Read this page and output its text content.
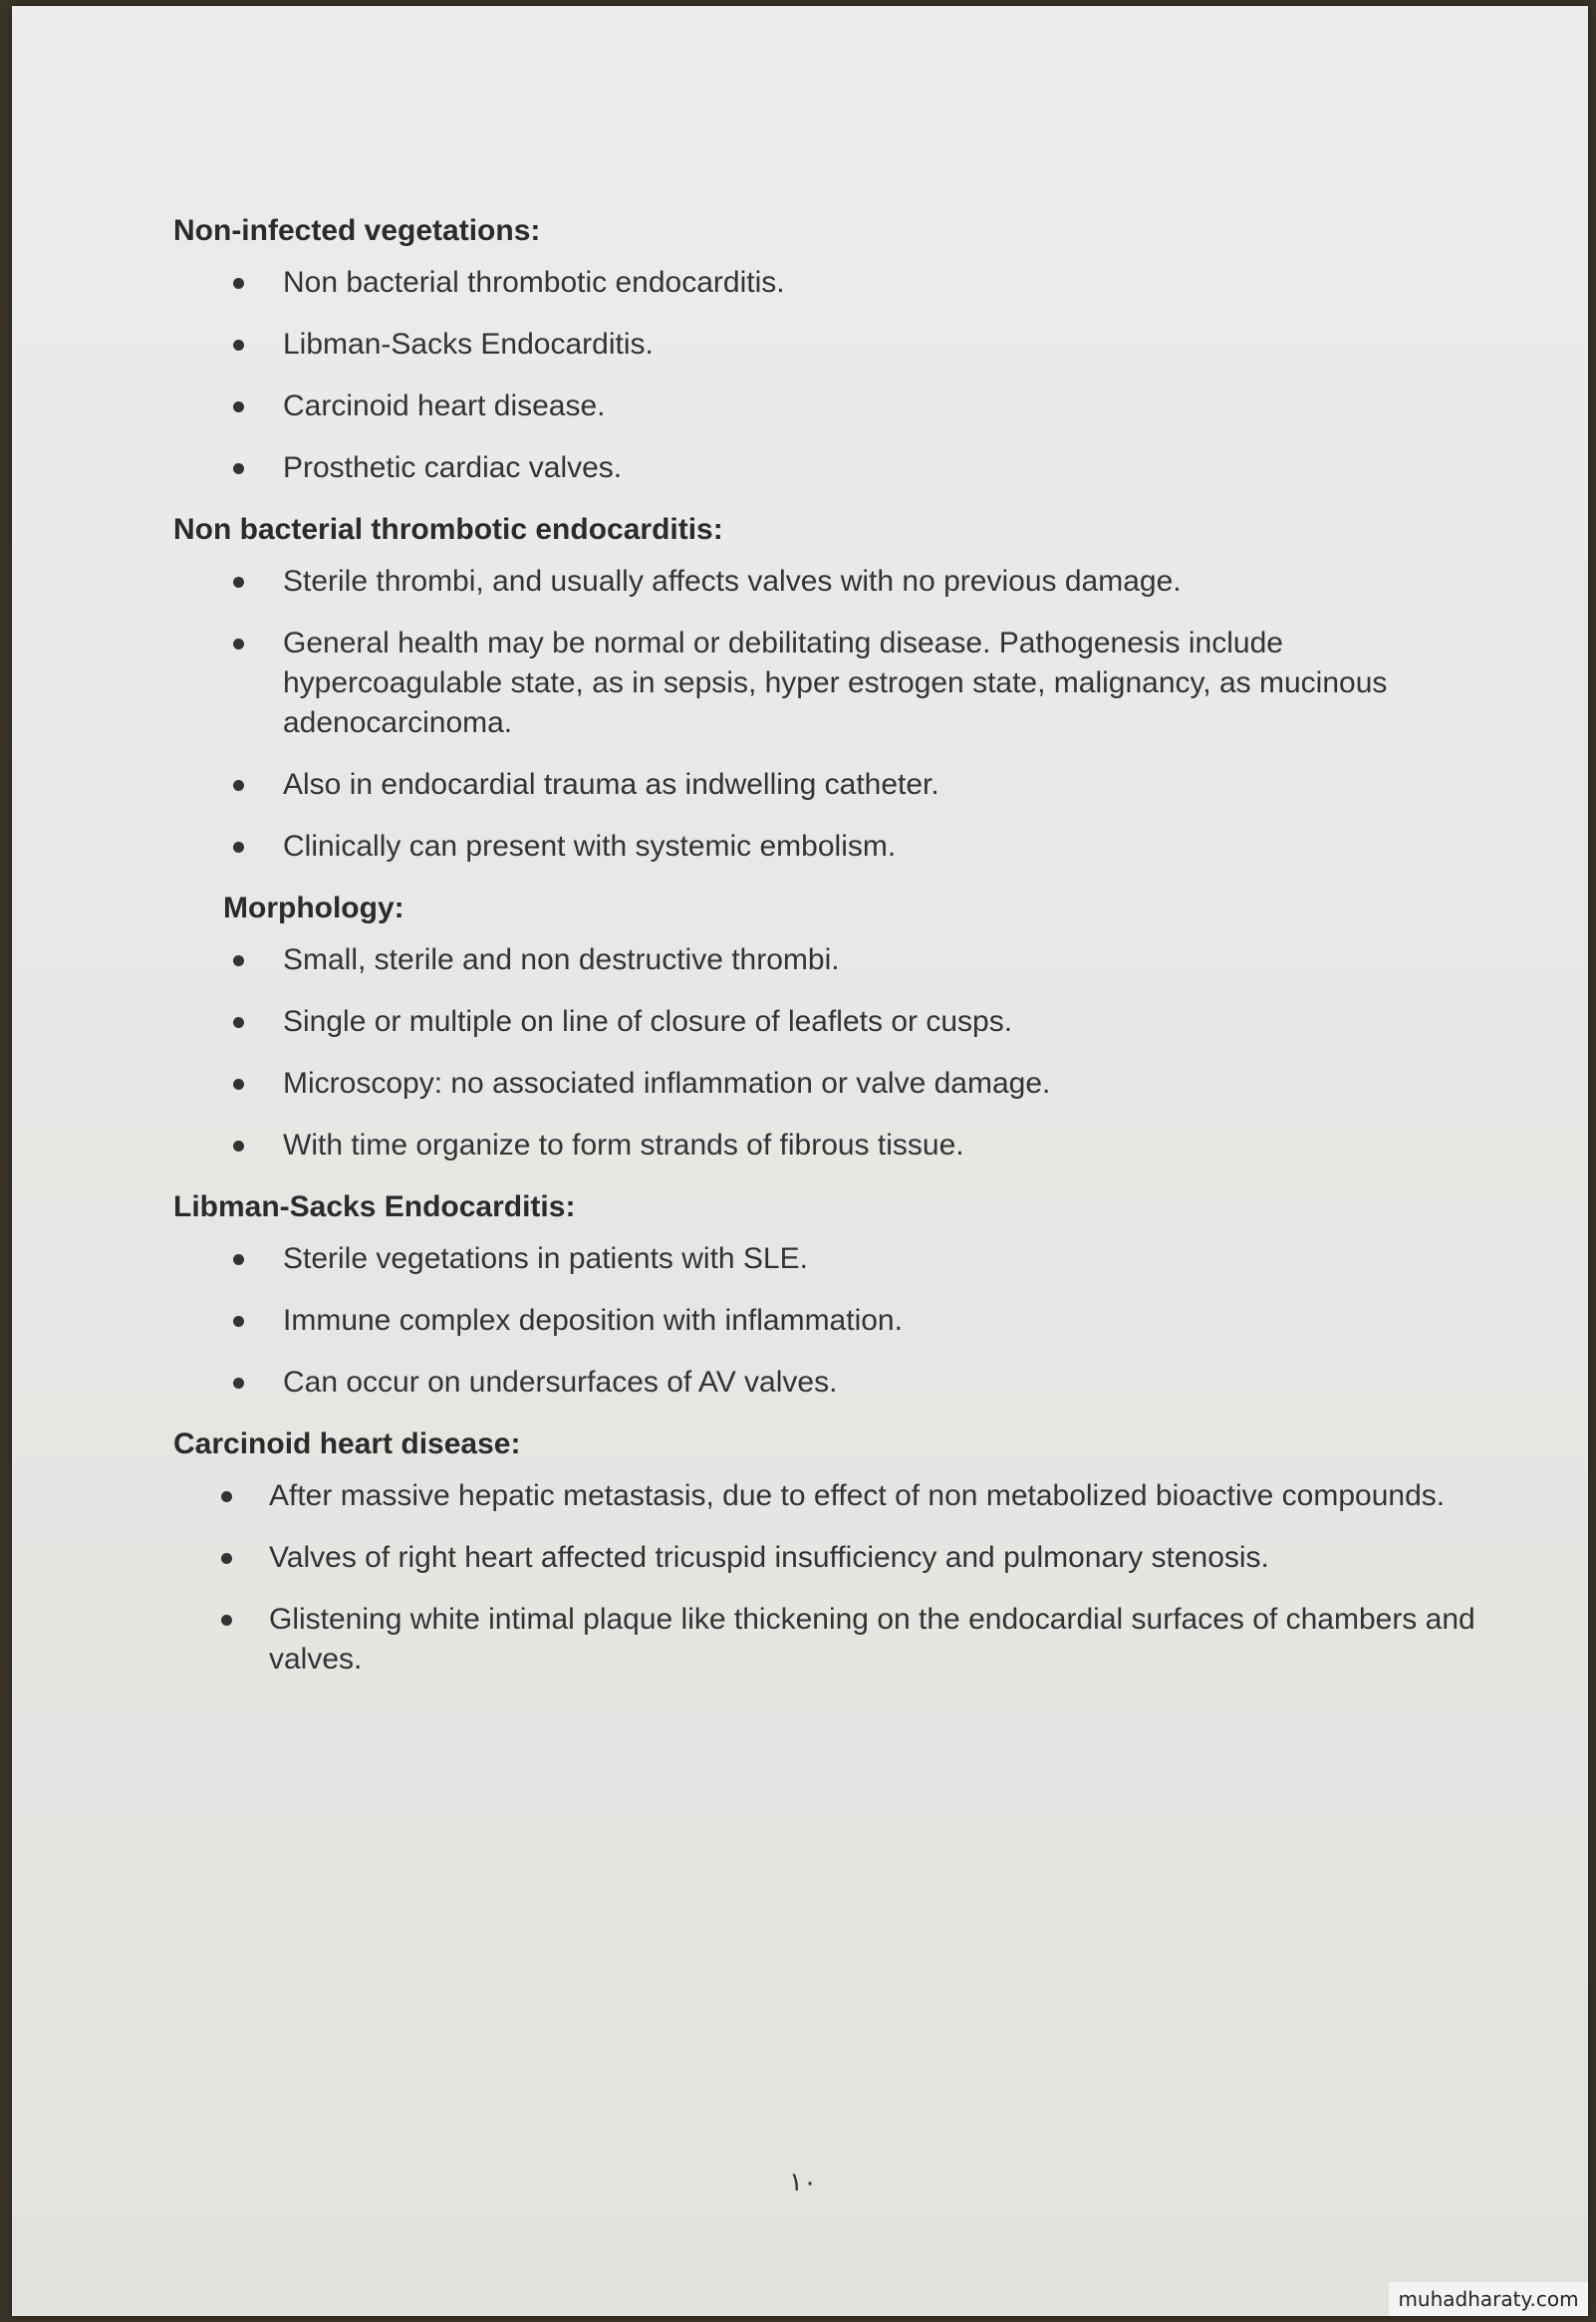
Non-infected vegetations:
Non bacterial thrombotic endocarditis.
Libman-Sacks Endocarditis.
Carcinoid heart disease.
Prosthetic cardiac valves.
Non bacterial thrombotic endocarditis:
Sterile thrombi, and usually affects valves with no previous damage.
General health may be normal or debilitating disease. Pathogenesis include hypercoagulable state, as in sepsis, hyper estrogen state, malignancy, as mucinous adenocarcinoma.
Also in endocardial trauma as indwelling catheter.
Clinically can present with systemic embolism.
Morphology:
Small, sterile and non destructive thrombi.
Single or multiple on line of closure of leaflets or cusps.
Microscopy: no associated inflammation or valve damage.
With time organize to form strands of fibrous tissue.
Libman-Sacks Endocarditis:
Sterile vegetations in patients with SLE.
Immune complex deposition with inflammation.
Can occur on undersurfaces of AV valves.
Carcinoid heart disease:
After massive hepatic metastasis, due to effect of non metabolized bioactive compounds.
Valves of right heart affected tricuspid insufficiency and pulmonary stenosis.
Glistening white intimal plaque like thickening on the endocardial surfaces of chambers and valves.
١٠
muhadharaty.com
